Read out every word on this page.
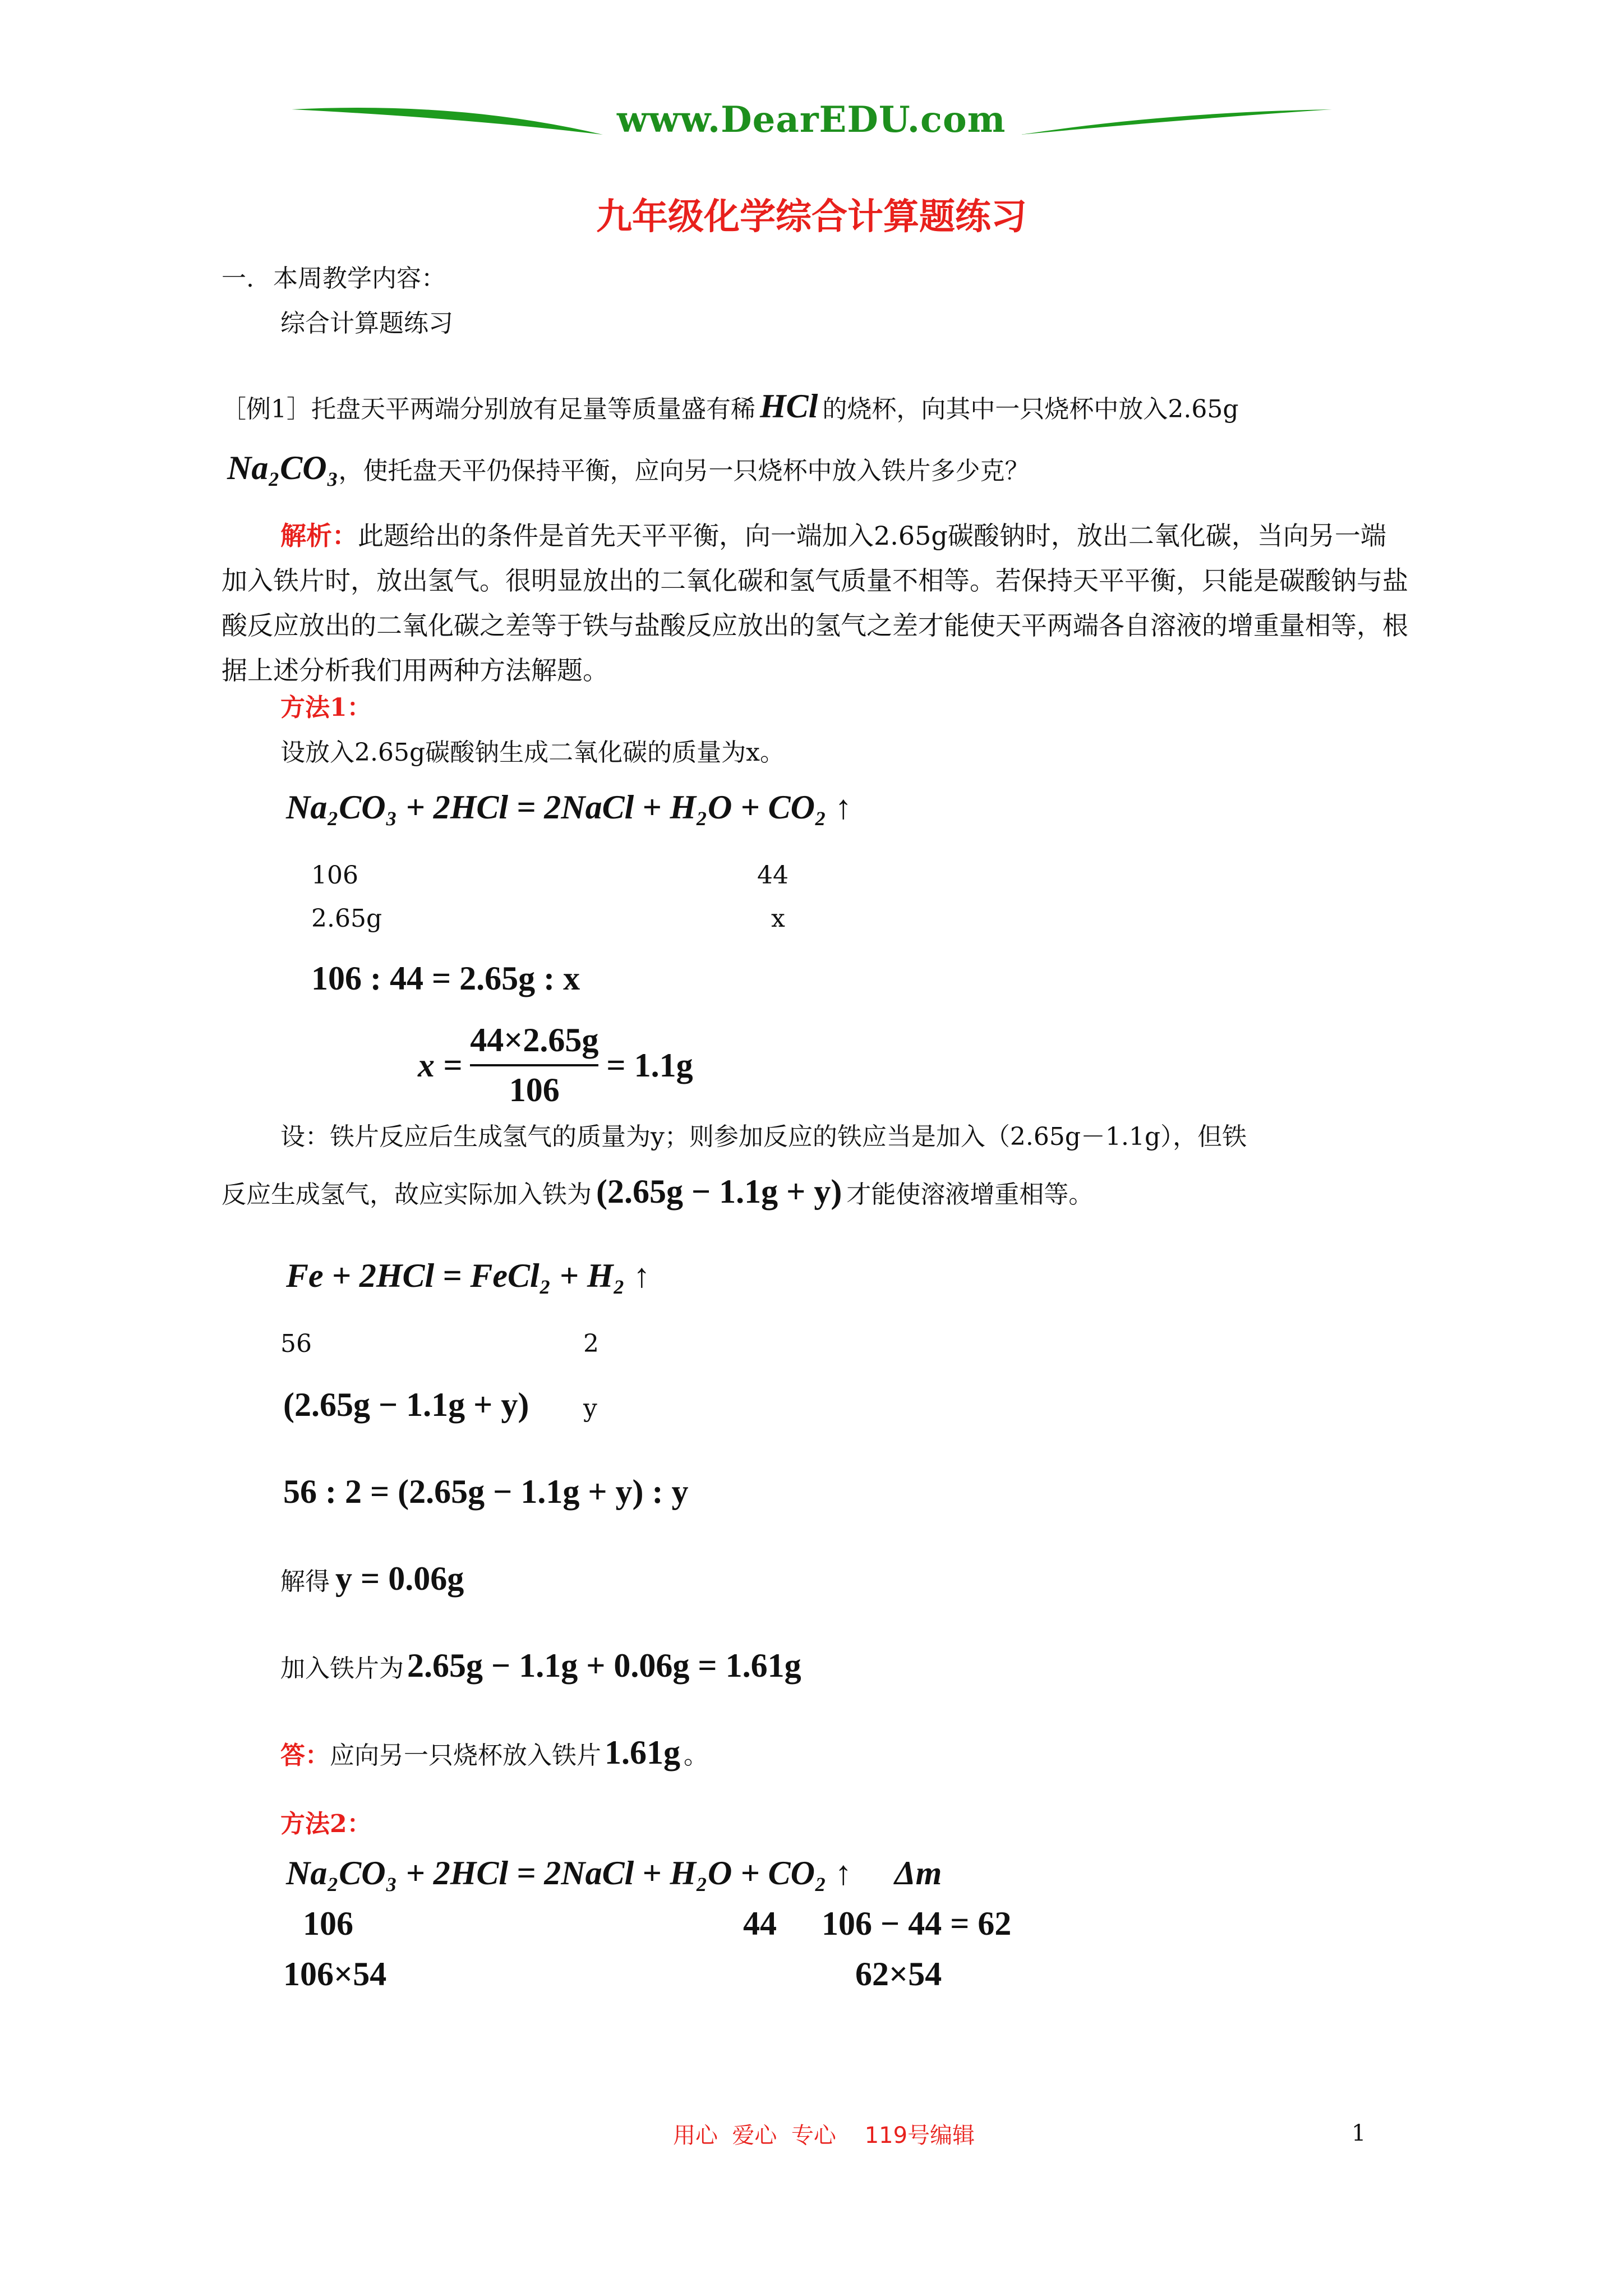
www.DearEDU.com
九年级化学综合计算题练习
一. 本周教学内容：
综合计算题练习
［例1］托盘天平两端分别放有足量等质量盛有稀 HCl 的烧杯，向其中一只烧杯中放入2.65g
Na₂CO₃，使托盘天平仍保持平衡，应向另一只烧杯中放入铁片多少克？
解析：此题给出的条件是首先天平平衡，向一端加入2.65g碳酸钠时，放出二氧化碳，当向另一端加入铁片时，放出氢气。很明显放出的二氧化碳和氢气质量不相等。若保持天平平衡，只能是碳酸钠与盐酸反应放出的二氧化碳之差等于铁与盐酸反应放出的氢气之差才能使天平两端各自溶液的增重量相等，根据上述分析我们用两种方法解题。
方法1：
设放入2.65g碳酸钠生成二氧化碳的质量为x。
Na₂CO₃ + 2HCl = 2NaCl + H₂O + CO₂ ↑
106	44
2.65g	x
106 : 44 = 2.65g : x
$x = \frac{44\times 2.65g}{106} = 1.1g$
设：铁片反应后生成氢气的质量为y；则参加反应的铁应当是加入（2.65g－1.1g），但铁
反应生成氢气，故应实际加入铁为 (2.65g − 1.1g + y) 才能使溶液增重相等。
Fe + 2HCl = FeCl₂ + H₂ ↑
56	2
(2.65g − 1.1g + y) y
56 : 2 = (2.65g − 1.1g + y) : y
解得 y = 0.06g
加入铁片为 2.65g − 1.1g + 0.06g = 1.61g
答：应向另一只烧杯放入铁片 1.61g 。
方法2：
Na₂CO₃ + 2HCl = 2NaCl + H₂O + CO₂ ↑ Δm
106	44 106 − 44 = 62
106×54	62×54
用心  爱心  专心    119号编辑	1
